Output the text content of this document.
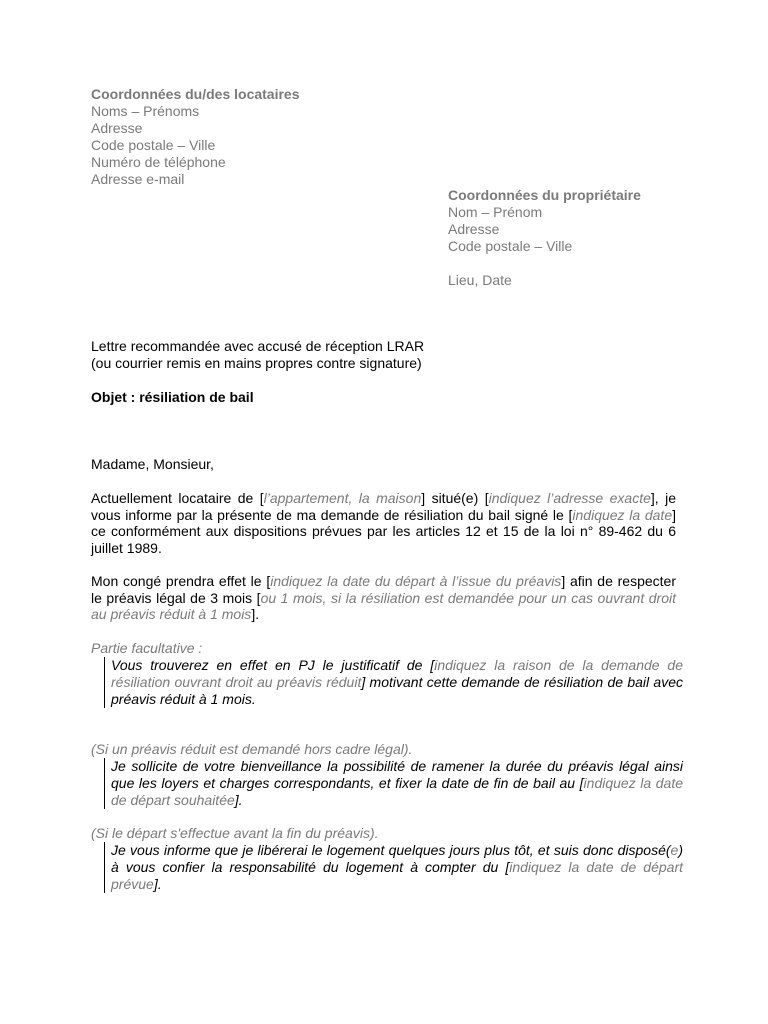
Coordonnées du/des locataires
Noms – Prénoms
Adresse
Code postale – Ville
Numéro de téléphone
Adresse e-mail
Coordonnées du propriétaire
Nom – Prénom
Adresse
Code postale – Ville
Lieu, Date
Lettre recommandée avec accusé de réception LRAR
(ou courrier remis en mains propres contre signature)
Objet : résiliation de bail
Madame, Monsieur,
Actuellement locataire de [l’appartement, la maison] situé(e) [indiquez l’adresse exacte], je vous informe par la présente de ma demande de résiliation du bail signé le [indiquez la date] ce conformément aux dispositions prévues par les articles 12 et 15 de la loi n° 89-462 du 6 juillet 1989.
Mon congé prendra effet le [indiquez la date du départ à l’issue du préavis] afin de respecter le préavis légal de 3 mois [ou 1 mois, si la résiliation est demandée pour un cas ouvrant droit au préavis réduit à 1 mois].
Partie facultative :
Vous trouverez en effet en PJ le justificatif de [indiquez la raison de la demande de résiliation ouvrant droit au préavis réduit] motivant cette demande de résiliation de bail avec préavis réduit à 1 mois.
(Si un préavis réduit est demandé hors cadre légal).
Je sollicite de votre bienveillance la possibilité de ramener la durée du préavis légal ainsi que les loyers et charges correspondants, et fixer la date de fin de bail au [indiquez la date de départ souhaitée].
(Si le départ s'effectue avant la fin du préavis).
Je vous informe que je libérerai le logement quelques jours plus tôt, et suis donc disposé(e) à vous confier la responsabilité du logement à compter du [indiquez la date de départ prévue].
